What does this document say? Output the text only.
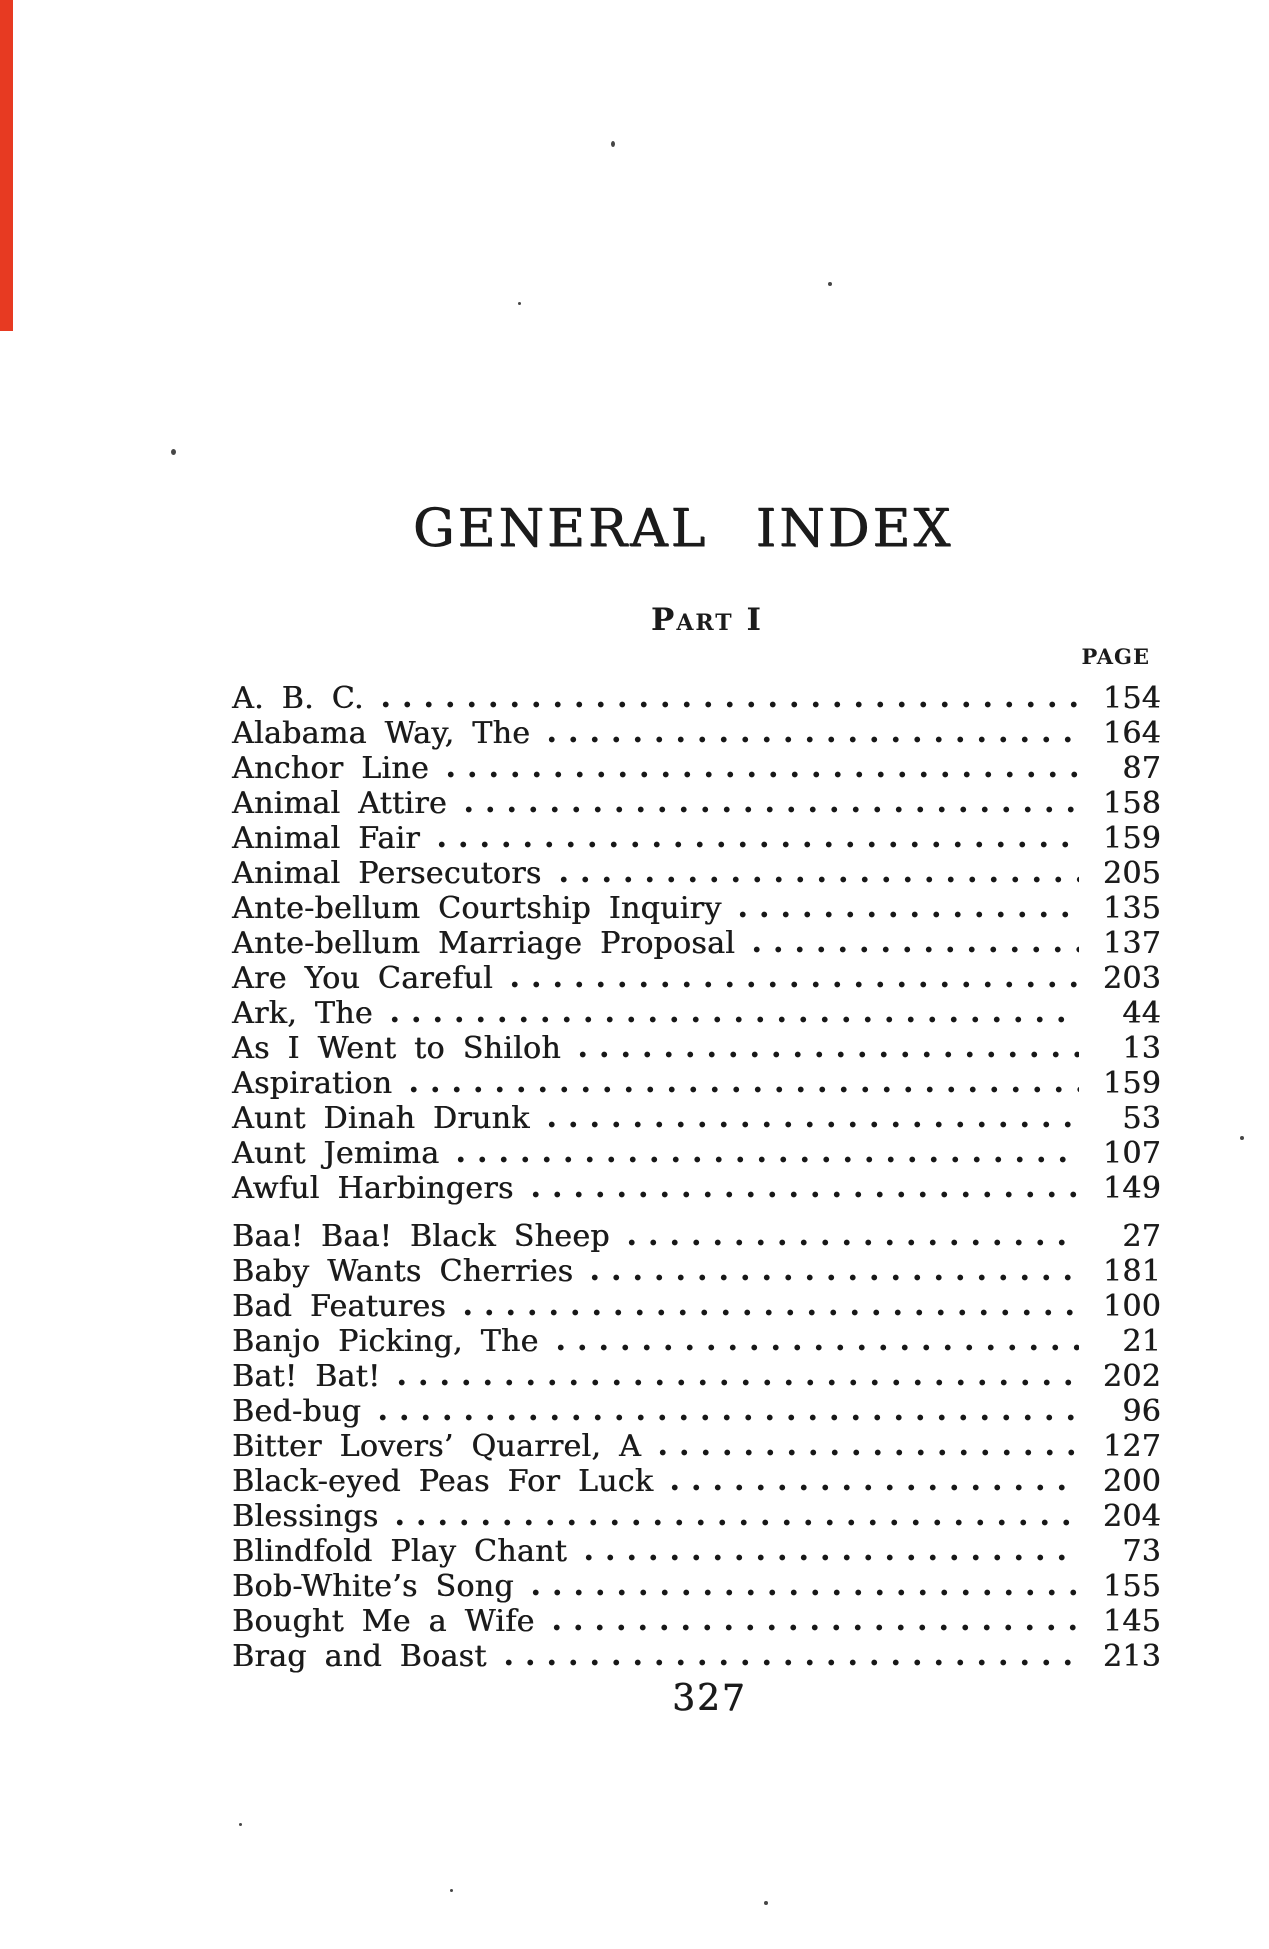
GENERAL INDEX
Part I
PAGE
A. B. C.	154
Alabama Way, The	164
Anchor Line	87
Animal Attire	158
Animal Fair	159
Animal Persecutors	205
Ante-bellum Courtship Inquiry	135
Ante-bellum Marriage Proposal	137
Are You Careful	203
Ark, The	44
As I Went to Shiloh	13
Aspiration	159
Aunt Dinah Drunk	53
Aunt Jemima	107
Awful Harbingers	149
Baa! Baa! Black Sheep	27
Baby Wants Cherries	181
Bad Features	100
Banjo Picking, The	21
Bat! Bat!	202
Bed-bug	96
Bitter Lovers’ Quarrel, A	127
Black-eyed Peas For Luck	200
Blessings	204
Blindfold Play Chant	73
Bob-White’s Song	155
Bought Me a Wife	145
Brag and Boast	213
327
